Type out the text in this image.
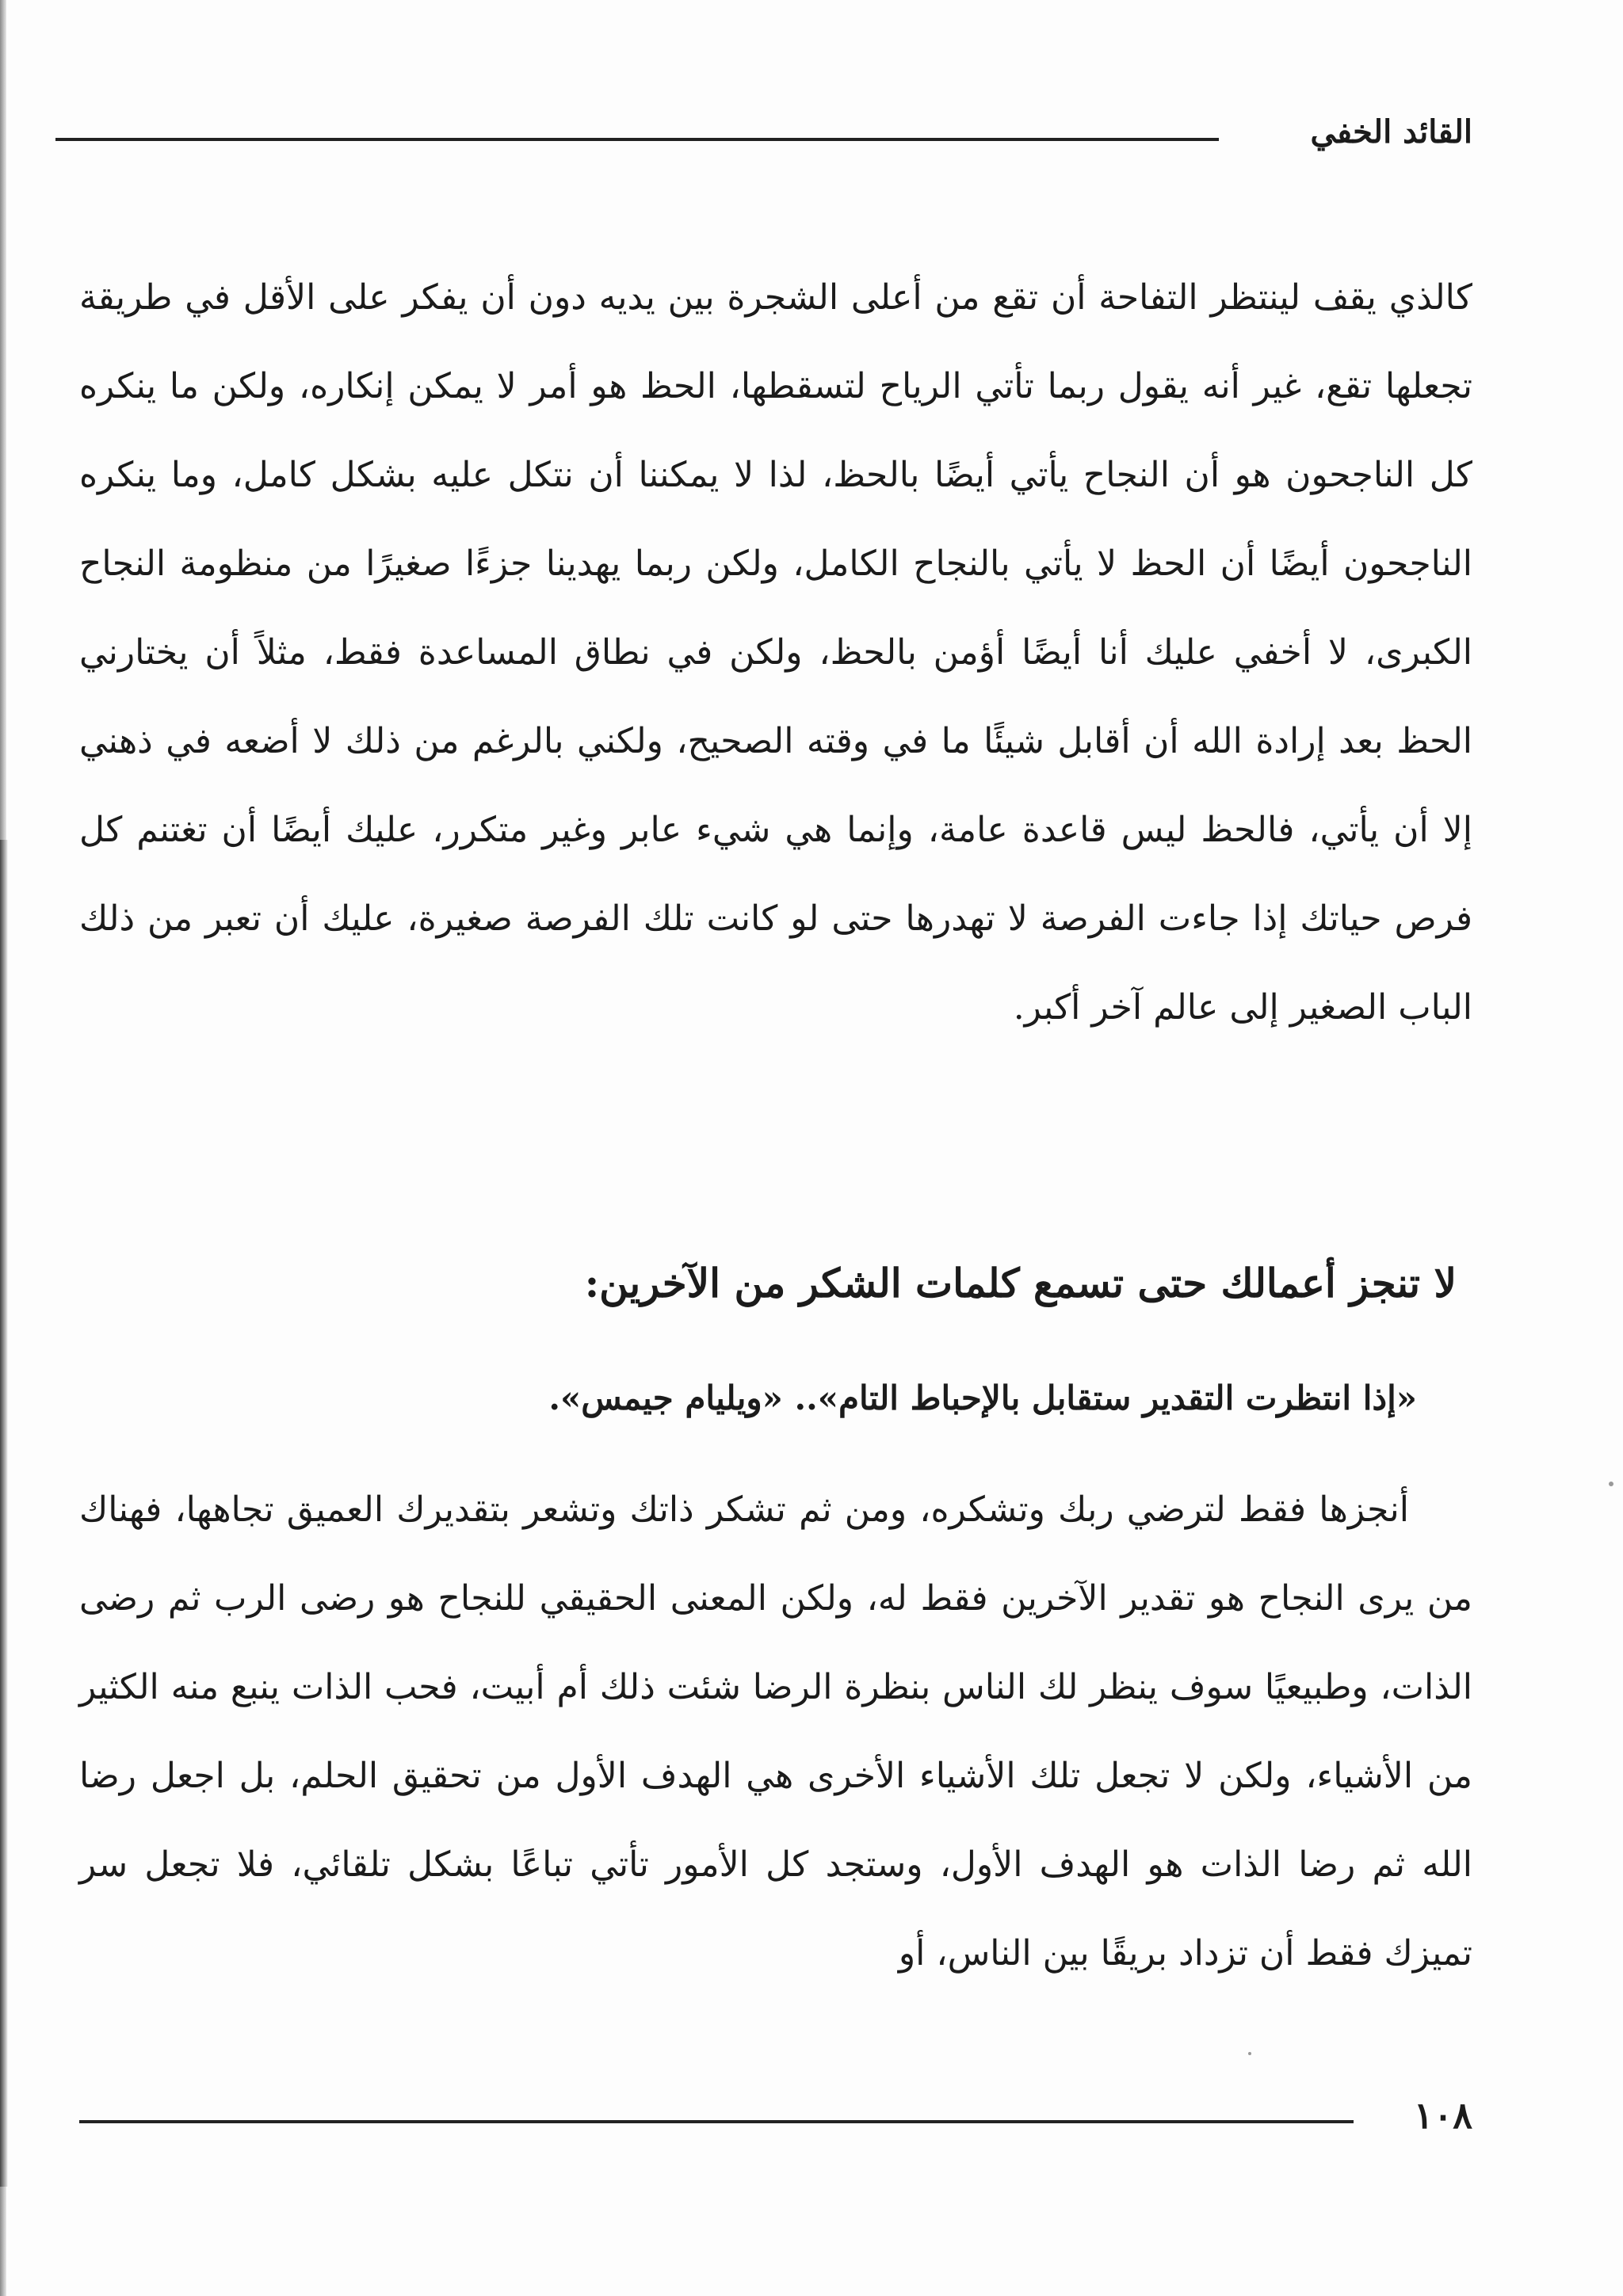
القائد الخفي

كالذي يقف لينتظر التفاحة أن تقع من أعلى الشجرة بين يديه دون أن يفكر على الأقل في طريقة تجعلها تقع، غير أنه يقول ربما تأتي الرياح لتسقطها، الحظ هو أمر لا يمكن إنكاره، ولكن ما ينكره كل الناجحون هو أن النجاح يأتي أيضًا بالحظ، لذا لا يمكننا أن نتكل عليه بشكل كامل، وما ينكره الناجحون أيضًا أن الحظ لا يأتي بالنجاح الكامل، ولكن ربما يهدينا جزءًا صغيرًا من منظومة النجاح الكبرى، لا أخفي عليك أنا أيضًا أؤمن بالحظ، ولكن في نطاق المساعدة فقط، مثلاً أن يختارني الحظ بعد إرادة الله أن أقابل شيئًا ما في وقته الصحيح، ولكني بالرغم من ذلك لا أضعه في ذهني إلا أن يأتي، فالحظ ليس قاعدة عامة، وإنما هي شيء عابر وغير متكرر، عليك أيضًا أن تغتنم كل فرص حياتك إذا جاءت الفرصة لا تهدرها حتى لو كانت تلك الفرصة صغيرة، عليك أن تعبر من ذلك الباب الصغير إلى عالم آخر أكبر.

لا تنجز أعمالك حتى تسمع كلمات الشكر من الآخرين:
«إذا انتظرت التقدير ستقابل بالإحباط التام».. «ويليام جيمس».

أنجزها فقط لترضي ربك وتشكره، ومن ثم تشكر ذاتك وتشعر بتقديرك العميق تجاهها، فهناك من يرى النجاح هو تقدير الآخرين فقط له، ولكن المعنى الحقيقي للنجاح هو رضى الرب ثم رضى الذات، وطبيعيًا سوف ينظر لك الناس بنظرة الرضا شئت ذلك أم أبيت، فحب الذات ينبع منه الكثير من الأشياء، ولكن لا تجعل تلك الأشياء الأخرى هي الهدف الأول من تحقيق الحلم، بل اجعل رضا الله ثم رضا الذات هو الهدف الأول، وستجد كل الأمور تأتي تباعًا بشكل تلقائي، فلا تجعل سر تميزك فقط أن تزداد بريقًا بين الناس، أو

١٠٨
